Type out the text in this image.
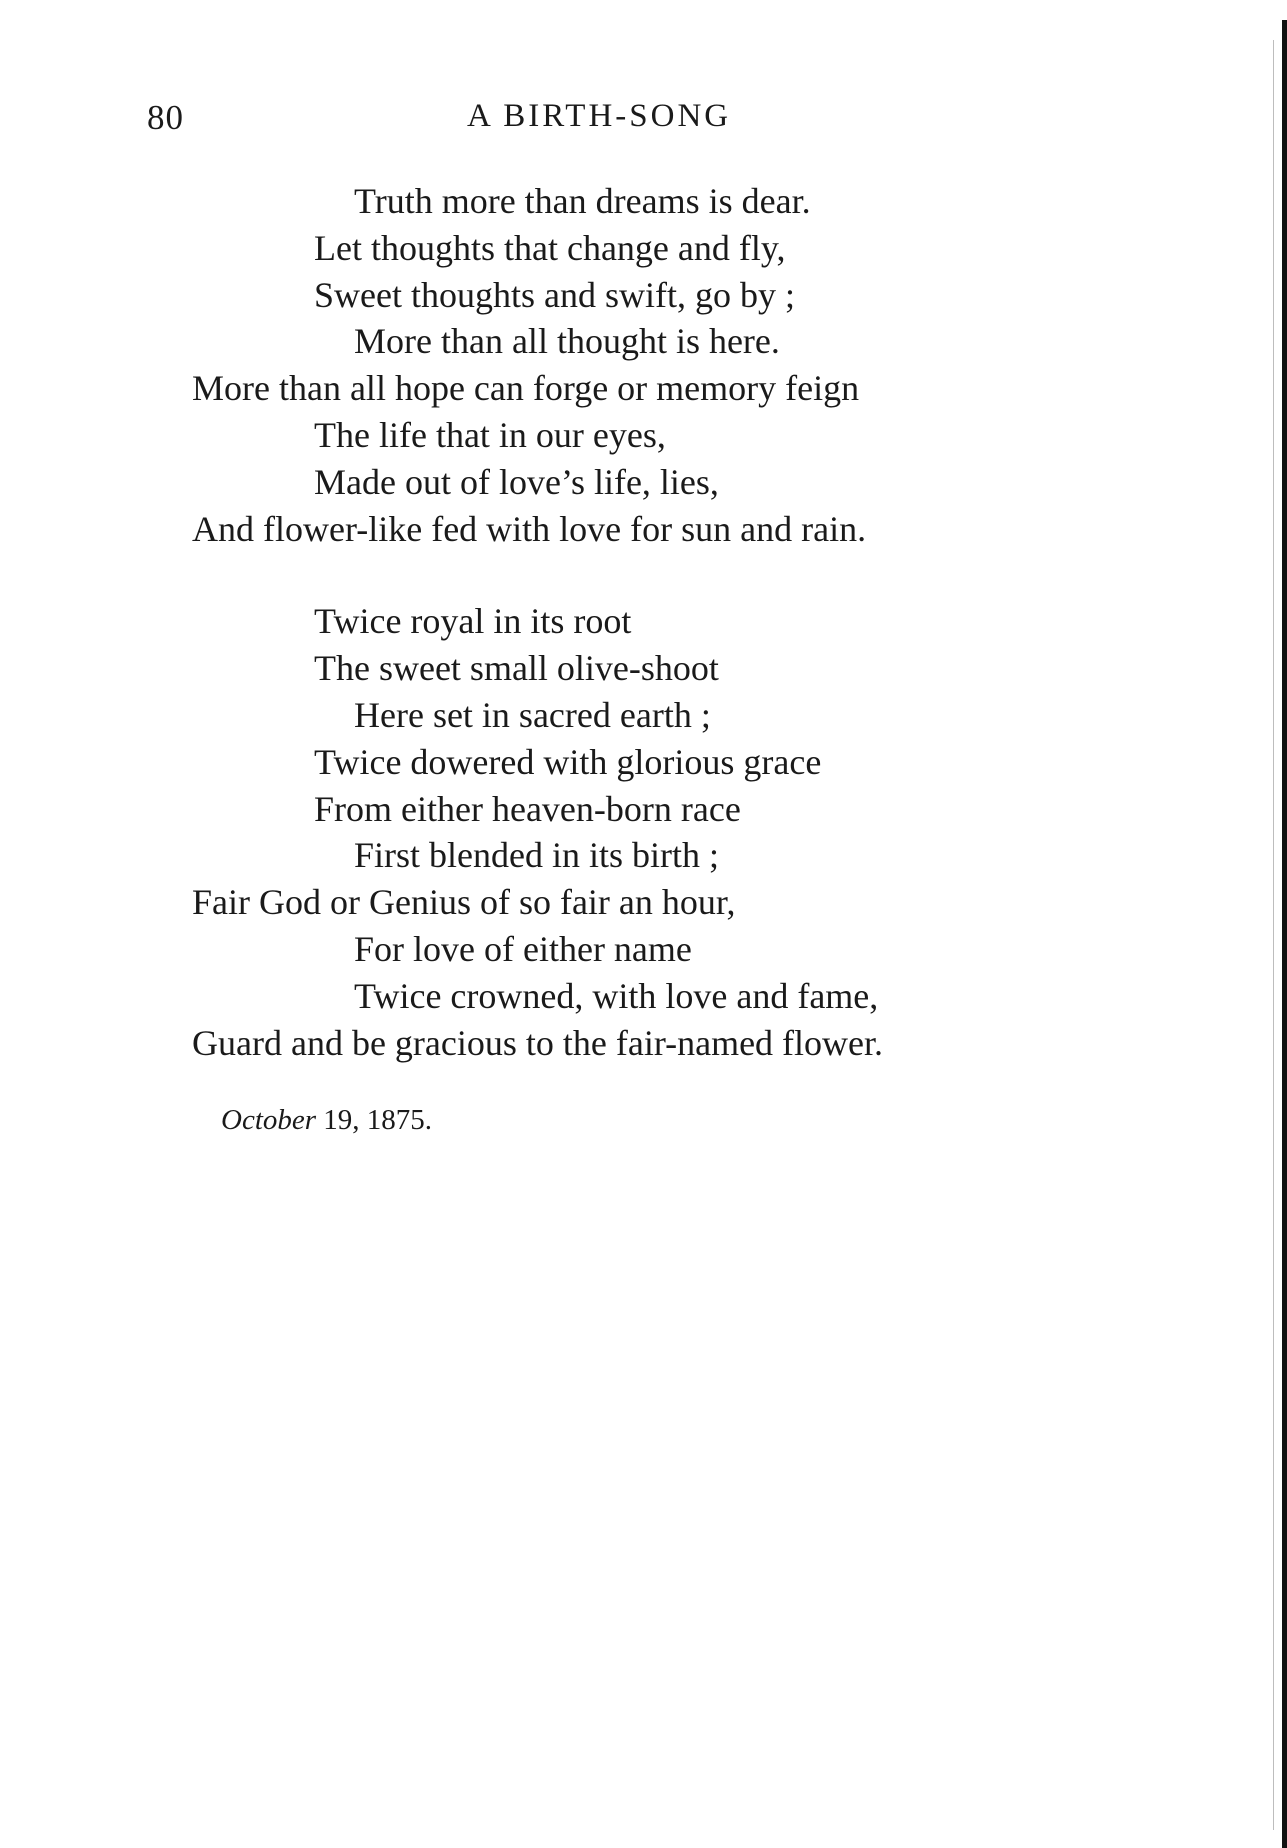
80	A BIRTH-SONG
Truth more than dreams is dear.
Let thoughts that change and fly,
Sweet thoughts and swift, go by ;
More than all thought is here.
More than all hope can forge or memory feign
The life that in our eyes,
Made out of love’s life, lies,
And flower-like fed with love for sun and rain.
Twice royal in its root
The sweet small olive-shoot
Here set in sacred earth ;
Twice dowered with glorious grace
From either heaven-born race
First blended in its birth ;
Fair God or Genius of so fair an hour,
For love of either name
Twice crowned, with love and fame,
Guard and be gracious to the fair-named flower.
October 19, 1875.
